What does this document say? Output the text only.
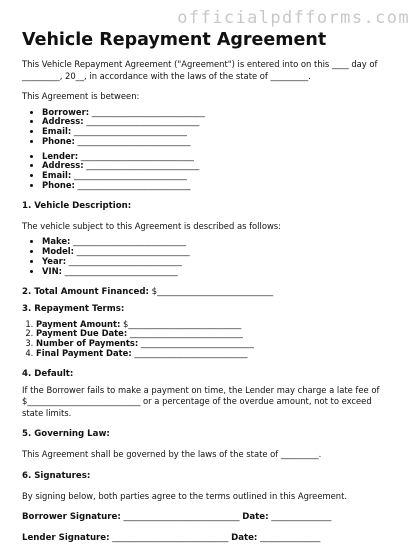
officialpdfforms.com
Vehicle Repayment Agreement

This Vehicle Repayment Agreement ("Agreement") is entered into on this ____ day of
_________, 20__, in accordance with the laws of the state of _________.

This Agreement is between:

• Borrower: ___________________________
• Address: ___________________________
• Email: ___________________________
• Phone: ___________________________
• Lender: ___________________________
• Address: ___________________________
• Email: ___________________________
• Phone: ___________________________

1. Vehicle Description:

The vehicle subject to this Agreement is described as follows:

• Make: ___________________________
• Model: ___________________________
• Year: ___________________________
• VIN: ___________________________

2. Total Amount Financed: $___________________________

3. Repayment Terms:

1. Payment Amount: $___________________________
2. Payment Due Date: ___________________________
3. Number of Payments: ___________________________
4. Final Payment Date: ___________________________

4. Default:

If the Borrower fails to make a payment on time, the Lender may charge a late fee of
$___________________________ or a percentage of the overdue amount, not to exceed
state limits.

5. Governing Law:

This Agreement shall be governed by the laws of the state of _________.

6. Signatures:

By signing below, both parties agree to the terms outlined in this Agreement.

Borrower Signature: ___________________________ Date: ______________

Lender Signature: ___________________________ Date: ______________
